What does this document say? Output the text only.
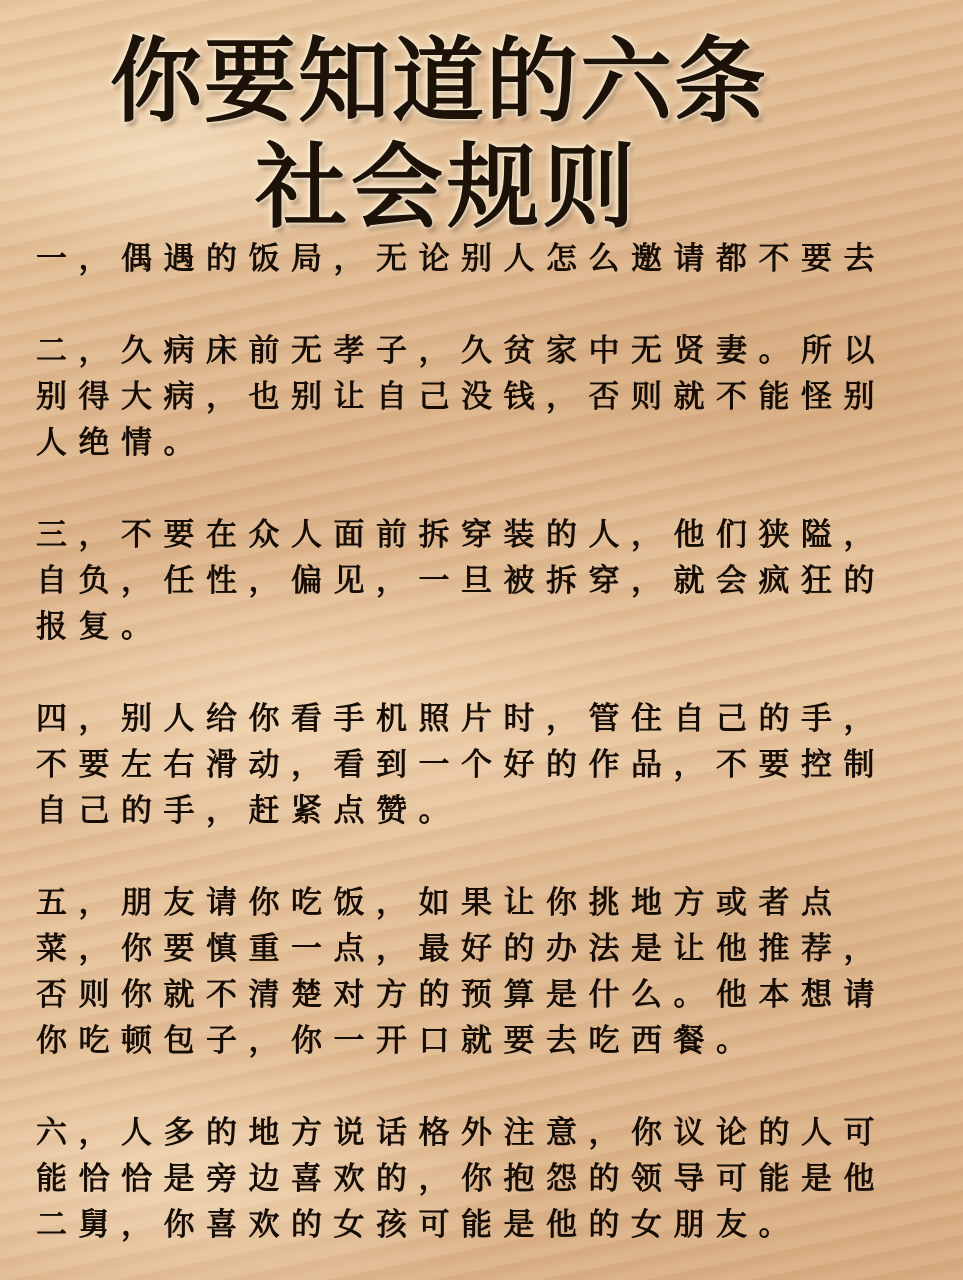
你要知道的六条
社会规则

一，偶遇的饭局，无论别人怎么邀请都不要去

二，久病床前无孝子，久贫家中无贤妻。所以别得大病，也别让自己没钱，否则就不能怪别人绝情。

三，不要在众人面前拆穿装的人，他们狭隘，自负，任性，偏见，一旦被拆穿，就会疯狂的报复。

四，别人给你看手机照片时，管住自己的手，不要左右滑动，看到一个好的作品，不要控制自己的手，赶紧点赞。

五，朋友请你吃饭，如果让你挑地方或者点菜，你要慎重一点，最好的办法是让他推荐，否则你就不清楚对方的预算是什么。他本想请你吃顿包子，你一开口就要去吃西餐。

六，人多的地方说话格外注意，你议论的人可能恰恰是旁边喜欢的，你抱怨的领导可能是他二舅，你喜欢的女孩可能是他的女朋友。
